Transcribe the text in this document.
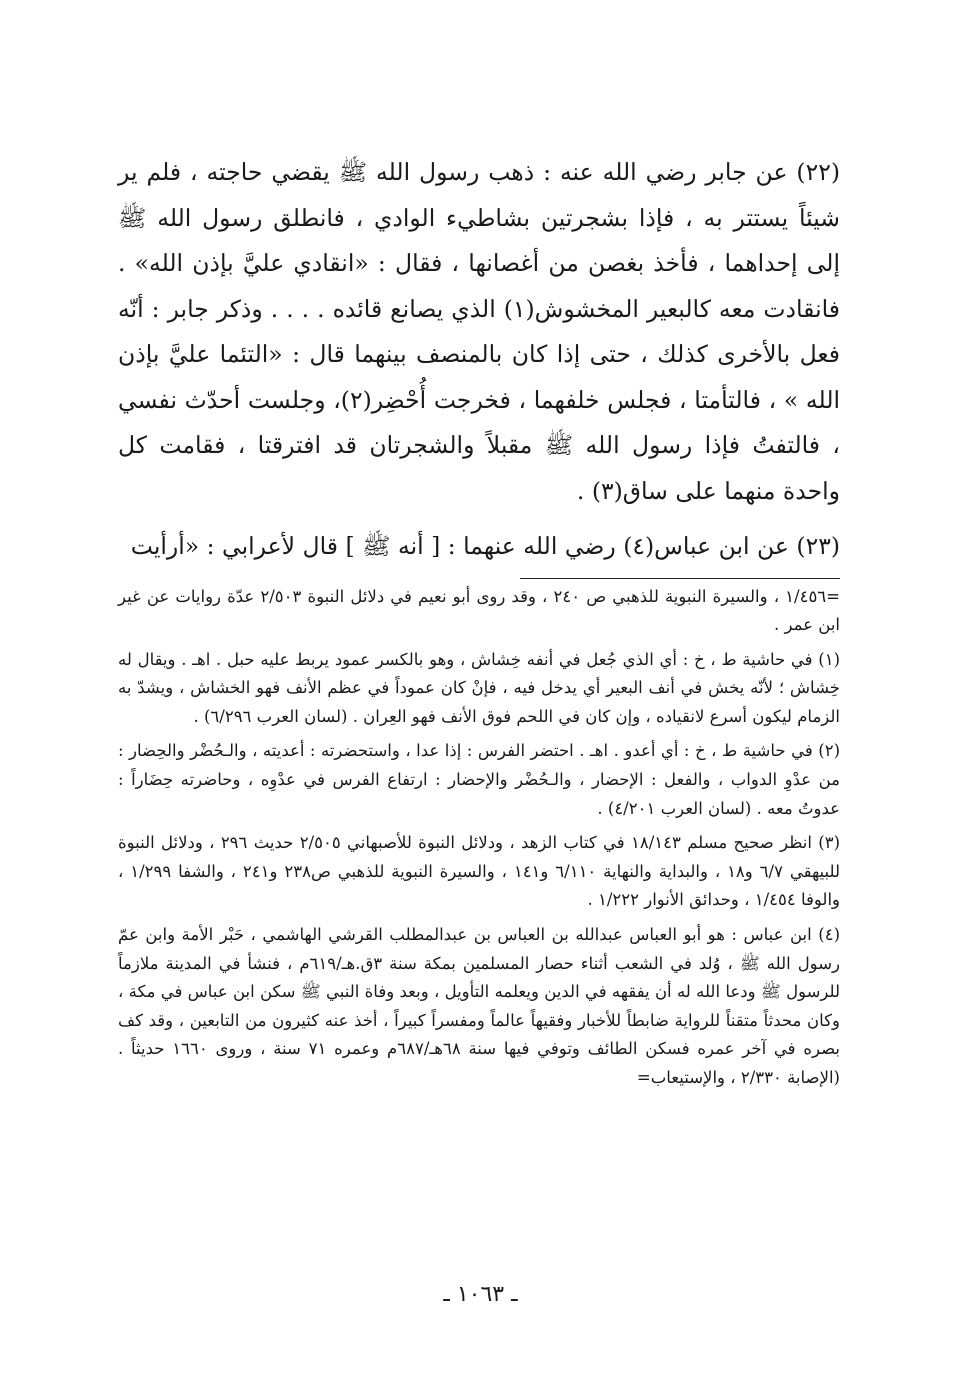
(٢٢) عن جابر رضي الله عنه : ذهب رسول الله ﷺ يقضي حاجته ، فلم ير شيئاً يستتر به ، فإذا بشجرتين بشاطيء الوادي ، فانطلق رسول الله ﷺ إلى إحداهما ، فأخذ بغصن من أغصانها ، فقال : «انقادي عليَّ بإذن الله» . فانقادت معه كالبعير المخشوش(١) الذي يصانع قائده . . . . وذكر جابر : أنّه فعل بالأخرى كذلك ، حتى إذا كان بالمنصف بينهما قال : «التئما عليَّ بإذن الله » ، فالتأمتا ، فجلس خلفهما ، فخرجت أُحْضِر(٢)، وجلست أحدّث نفسي ، فالتفتُ فإذا رسول الله ﷺ مقبلاً والشجرتان قد افترقتا ، فقامت كل واحدة منهما على ساق(٣) .

(٢٣) عن ابن عباس(٤) رضي الله عنهما : [ أنه ﷺ ] قال لأعرابي : «أرأيت

=١/٤٥٦ ، والسيرة النبوية للذهبي ص ٢٤٠ ، وقد روى أبو نعيم في دلائل النبوة ٢/٥٠٣ عدّة روايات عن غير ابن عمر .

(١) في حاشية ط ، خ : أي الذي جُعل في أنفه خِشاش ، وهو بالكسر عمود يربط عليه حبل . اهـ . ويقال له خِشاش ؛ لأنّه يخش في أنف البعير أي يدخل فيه ، فإنْ كان عموداً في عظم الأنف فهو الخشاش ، ويشدّ به الزمام ليكون أسرع لانقياده ، وإن كان في اللحم فوق الأنف فهو العِران . (لسان العرب ٦/٢٩٦) .

(٢) في حاشية ط ، خ : أي أعدو . اهـ . احتضر الفرس : إذا عدا ، واستحضرته : أعديته ، والـحُضْر والحِضار : من عدْوِ الدواب ، والفعل : الإحضار ، والـحُضْر والإحضار : ارتفاع الفرس في عدْوِه ، وحاضرته حِضَاراً : عدوتُ معه . (لسان العرب ٤/٢٠١) .

(٣) انظر صحيح مسلم ١٨/١٤٣ في كتاب الزهد ، ودلائل النبوة للأصبهاني ٢/٥٠٥ حديث ٢٩٦ ، ودلائل النبوة للبيهقي ٦/٧ و١٨ ، والبداية والنهاية ٦/١١٠ و١٤١ ، والسيرة النبوية للذهبي ص٢٣٨ و٢٤١ ، والشفا ١/٢٩٩ ، والوفا ١/٤٥٤ ، وحدائق الأنوار ١/٢٢٢ .

(٤) ابن عباس : هو أبو العباس عبدالله بن العباس بن عبدالمطلب القرشي الهاشمي ، حَبْر الأمة وابن عمّ رسول الله ﷺ ، وُلد في الشعب أثناء حصار المسلمين بمكة سنة ٣ق.هـ/٦١٩م ، فنشأ في المدينة ملازماً للرسول ﷺ ودعا الله له أن يفقهه في الدين ويعلمه التأويل ، وبعد وفاة النبي ﷺ سكن ابن عباس في مكة ، وكان محدثاً متقناً للرواية ضابطاً للأخبار وفقيهاً عالماً ومفسراً كبيراً ، أخذ عنه كثيرون من التابعين ، وقد كف بصره في آخر عمره فسكن الطائف وتوفي فيها سنة ٦٨هـ/٦٨٧م وعمره ٧١ سنة ، وروى ١٦٦٠ حديثاً . (الإصابة ٢/٣٣٠ ، والإستيعاب=

ـ ١٠٦٣ ـ
